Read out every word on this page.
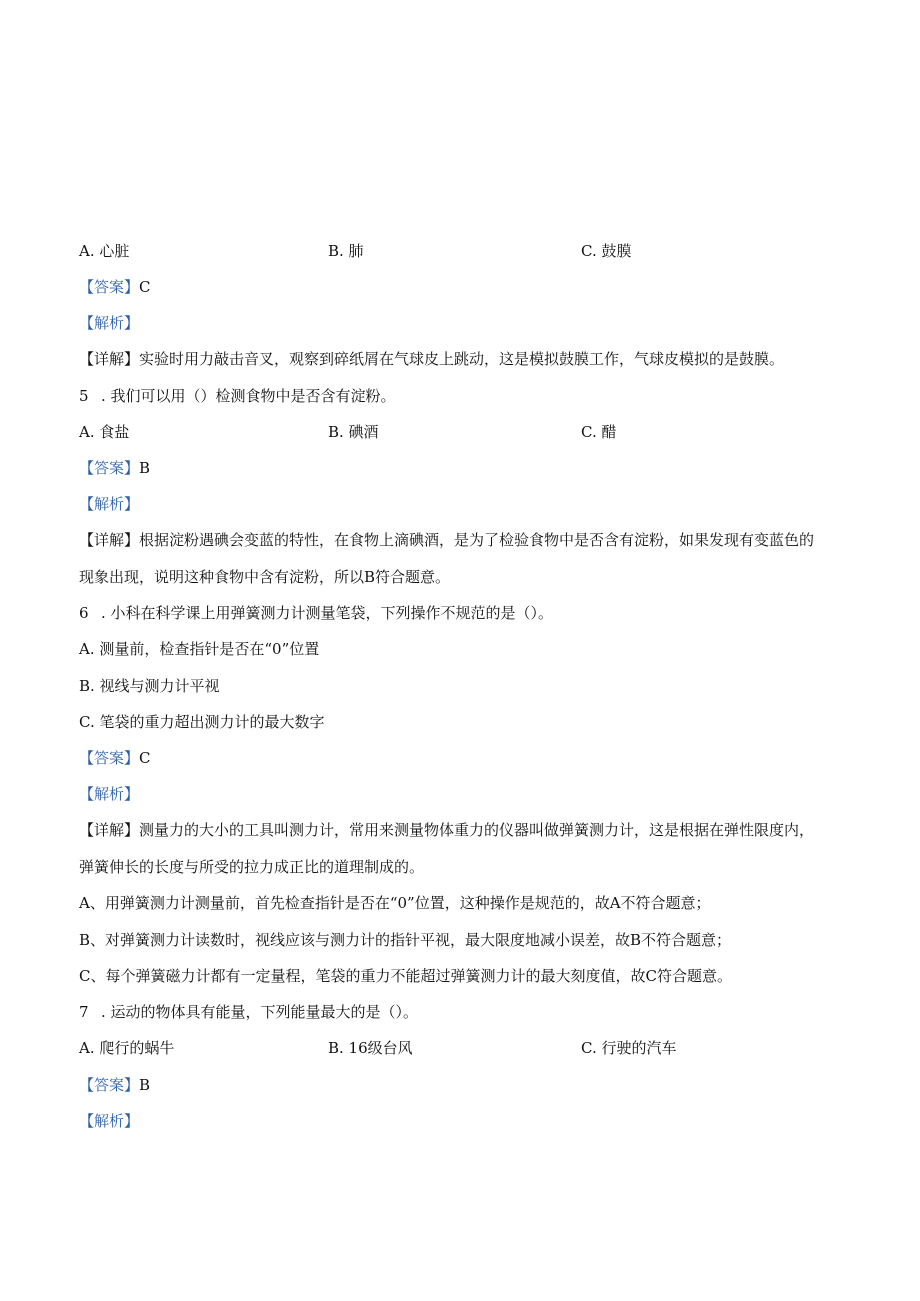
A. 心脏	B. 肺	C. 鼓膜
【答案】C
【解析】
【详解】实验时用力敲击音叉，观察到碎纸屑在气球皮上跳动，这是模拟鼓膜工作，气球皮模拟的是鼓膜。
5 . 我们可以用（）检测食物中是否含有淀粉。
A. 食盐	B. 碘酒	C. 醋
【答案】B
【解析】
【详解】根据淀粉遇碘会变蓝的特性，在食物上滴碘酒，是为了检验食物中是否含有淀粉，如果发现有变蓝色的
现象出现，说明这种食物中含有淀粉，所以B符合题意。
6 . 小科在科学课上用弹簧测力计测量笔袋，下列操作不规范的是（）。
A. 测量前，检查指针是否在“0”位置
B. 视线与测力计平视
C. 笔袋的重力超出测力计的最大数字
【答案】C
【解析】
【详解】测量力的大小的工具叫测力计，常用来测量物体重力的仪器叫做弹簧测力计，这是根据在弹性限度内，
弹簧伸长的长度与所受的拉力成正比的道理制成的。
A、用弹簧测力计测量前，首先检查指针是否在“0”位置，这种操作是规范的，故A不符合题意；
B、对弹簧测力计读数时，视线应该与测力计的指针平视，最大限度地减小误差，故B不符合题意；
C、每个弹簧磁力计都有一定量程，笔袋的重力不能超过弹簧测力计的最大刻度值，故C符合题意。
7 . 运动的物体具有能量，下列能量最大的是（）。
A. 爬行的蜗牛	B. 16级台风	C. 行驶的汽车
【答案】B
【解析】
